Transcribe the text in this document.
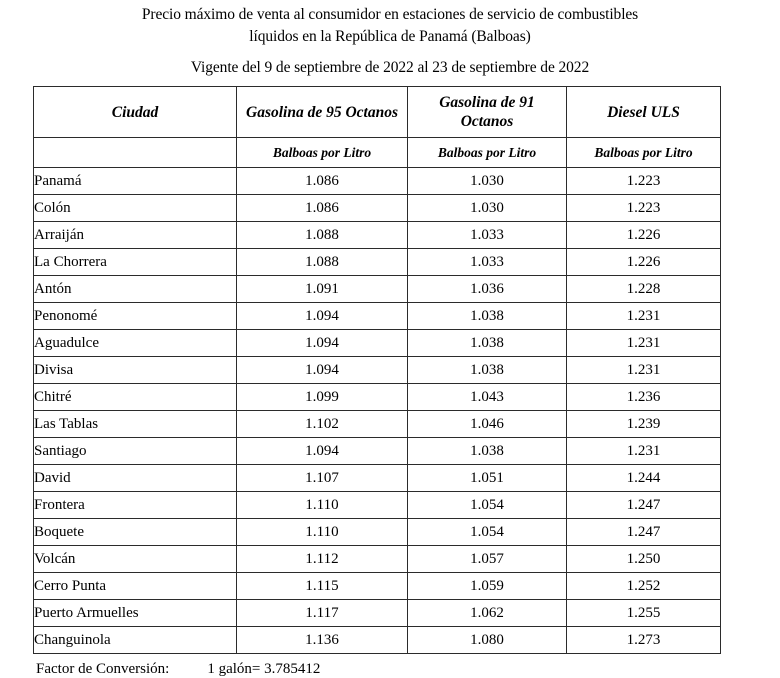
Precio máximo de venta al consumidor en estaciones de servicio de combustibles
líquidos en la República de Panamá (Balboas)
Vigente del 9 de septiembre de 2022 al 23 de septiembre de 2022
Ciudad	Gasolina de 95 Octanos	Gasolina de 91 Octanos	Diesel ULS
	Balboas por Litro	Balboas por Litro	Balboas por Litro
Panamá	1.086	1.030	1.223
Colón	1.086	1.030	1.223
Arraiján	1.088	1.033	1.226
La Chorrera	1.088	1.033	1.226
Antón	1.091	1.036	1.228
Penonomé	1.094	1.038	1.231
Aguadulce	1.094	1.038	1.231
Divisa	1.094	1.038	1.231
Chitré	1.099	1.043	1.236
Las Tablas	1.102	1.046	1.239
Santiago	1.094	1.038	1.231
David	1.107	1.051	1.244
Frontera	1.110	1.054	1.247
Boquete	1.110	1.054	1.247
Volcán	1.112	1.057	1.250
Cerro Punta	1.115	1.059	1.252
Puerto Armuelles	1.117	1.062	1.255
Changuinola	1.136	1.080	1.273
Factor de Conversión:	1 galón= 3.785412
